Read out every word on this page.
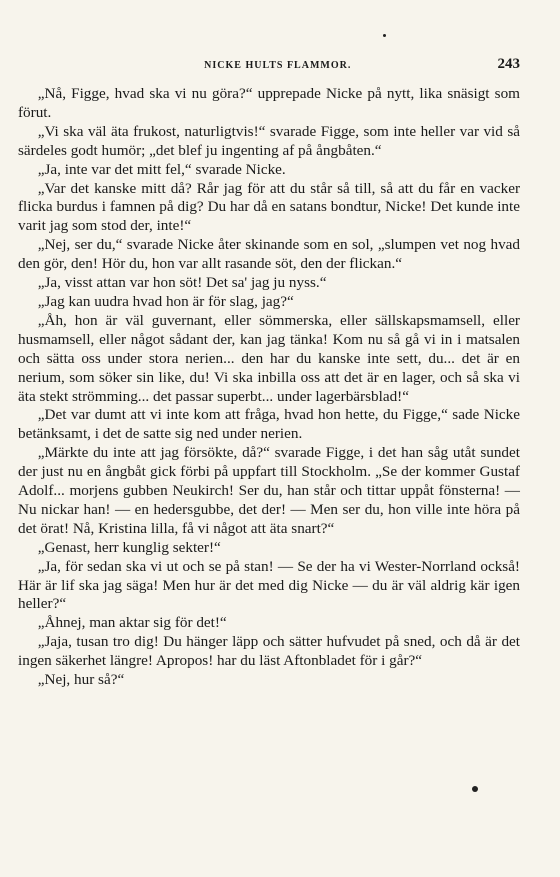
NICKE HULTS FLAMMOR.	243

„Nå, Figge, hvad ska vi nu göra?“ upprepade Nicke på nytt, lika snäsigt som förut.

„Vi ska väl äta frukost, naturligtvis!“ svarade Figge, som inte heller var vid så särdeles godt humör; „det blef ju ingenting af på ångbåten.“

„Ja, inte var det mitt fel,“ svarade Nicke.

„Var det kanske mitt då? Rår jag för att du står så till, så att du får en vacker flicka burdus i famnen på dig? Du har då en satans bondtur, Nicke! Det kunde inte varit jag som stod der, inte!“

„Nej, ser du,“ svarade Nicke åter skinande som en sol, „slumpen vet nog hvad den gör, den! Hör du, hon var allt rasande söt, den der flickan.“

„Ja, visst attan var hon söt! Det sa' jag ju nyss.“

„Jag kan uudra hvad hon är för slag, jag?“

„Åh, hon är väl guvernant, eller sömmerska, eller sällskapsmamsell, eller husmamsell, eller något sådant der, kan jag tänka! Kom nu så gå vi in i matsalen och sätta oss under stora nerien... den har du kanske inte sett, du... det är en nerium, som söker sin like, du! Vi ska inbilla oss att det är en lager, och så ska vi äta stekt strömming... det passar superbt... under lagerbärsblad!“

„Det var dumt att vi inte kom att fråga, hvad hon hette, du Figge,“ sade Nicke betänksamt, i det de satte sig ned under nerien.

„Märkte du inte att jag försökte, då?“ svarade Figge, i det han såg utåt sundet der just nu en ångbåt gick förbi på uppfart till Stockholm. „Se der kommer Gustaf Adolf... morjens gubben Neukirch! Ser du, han står och tittar uppåt fönsterna! — Nu nickar han! — en hedersgubbe, det der! — Men ser du, hon ville inte höra på det örat! Nå, Kristina lilla, få vi något att äta snart?“

„Genast, herr kunglig sekter!“

„Ja, för sedan ska vi ut och se på stan! — Se der ha vi Wester-Norrland också! Här är lif ska jag säga! Men hur är det med dig Nicke — du är väl aldrig kär igen heller?“

„Åhnej, man aktar sig för det!“

„Jaja, tusan tro dig! Du hänger läpp och sätter hufvudet på sned, och då är det ingen säkerhet längre! Apropos! har du läst Aftonbladet för i går?“

„Nej, hur så?“
